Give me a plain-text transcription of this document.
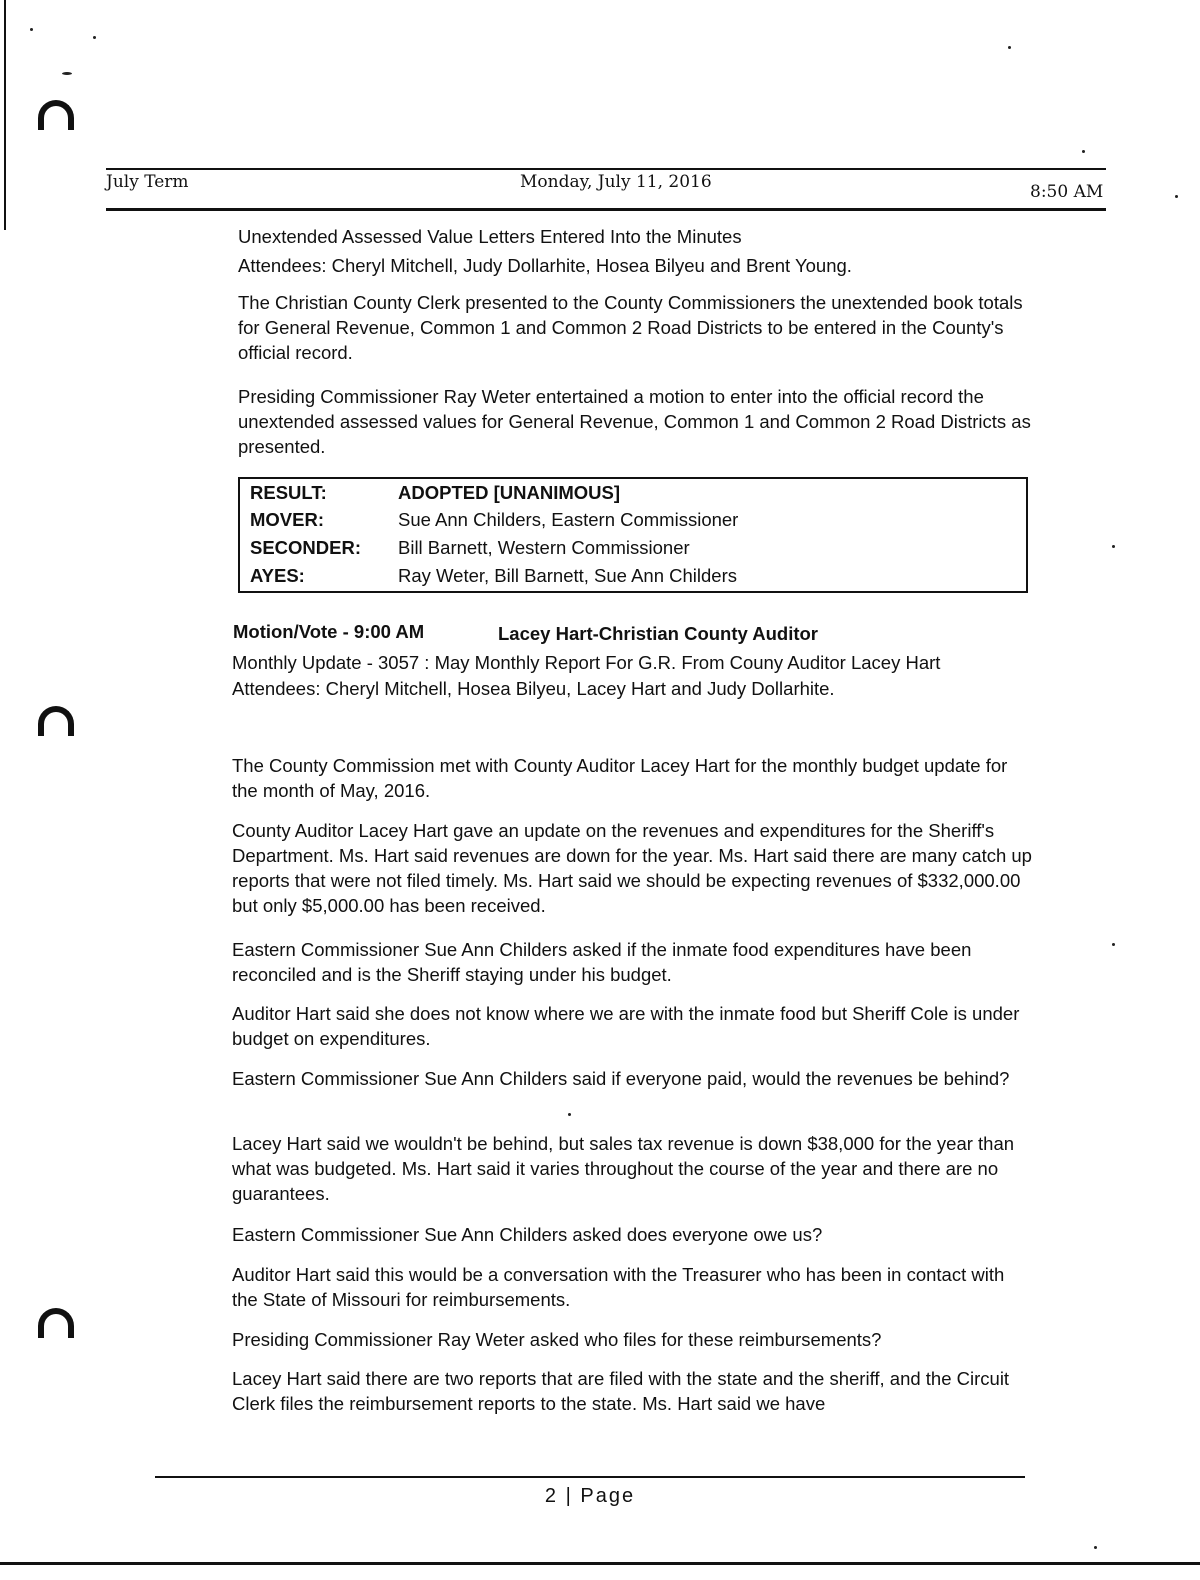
July Term	Monday, July 11, 2016	8:50 AM

Unextended Assessed Value Letters Entered Into the Minutes

Attendees: Cheryl Mitchell, Judy Dollarhite, Hosea Bilyeu and Brent Young.

The Christian County Clerk presented to the County Commissioners the unextended book totals for General Revenue, Common 1 and Common 2 Road Districts to be entered in the County's official record.

Presiding Commissioner Ray Weter entertained a motion to enter into the official record the unextended assessed values for General Revenue, Common 1 and Common 2 Road Districts as presented.

RESULT:	ADOPTED [UNANIMOUS]
MOVER:	Sue Ann Childers, Eastern Commissioner
SECONDER: Bill Barnett, Western Commissioner
AYES:	Ray Weter, Bill Barnett, Sue Ann Childers
Motion/Vote - 9:00 AM	Lacey Hart-Christian County Auditor

Monthly Update - 3057 : May Monthly Report For G.R. From Couny Auditor Lacey Hart

Attendees: Cheryl Mitchell, Hosea Bilyeu, Lacey Hart and Judy Dollarhite.

The County Commission met with County Auditor Lacey Hart for the monthly budget update for the month of May, 2016.

County Auditor Lacey Hart gave an update on the revenues and expenditures for the Sheriff's Department. Ms. Hart said revenues are down for the year. Ms. Hart said there are many catch up reports that were not filed timely. Ms. Hart said we should be expecting revenues of $332,000.00 but only $5,000.00 has been received.

Eastern Commissioner Sue Ann Childers asked if the inmate food expenditures have been reconciled and is the Sheriff staying under his budget.

Auditor Hart said she does not know where we are with the inmate food but Sheriff Cole is under budget on expenditures.

Eastern Commissioner Sue Ann Childers said if everyone paid, would the revenues be behind?

Lacey Hart said we wouldn't be behind, but sales tax revenue is down $38,000 for the year than what was budgeted. Ms. Hart said it varies throughout the course of the year and there are no guarantees.

Eastern Commissioner Sue Ann Childers asked does everyone owe us?

Auditor Hart said this would be a conversation with the Treasurer who has been in contact with the State of Missouri for reimbursements.

Presiding Commissioner Ray Weter asked who files for these reimbursements?

Lacey Hart said there are two reports that are filed with the state and the sheriff, and the Circuit Clerk files the reimbursement reports to the state. Ms. Hart said we have

2 | Page
